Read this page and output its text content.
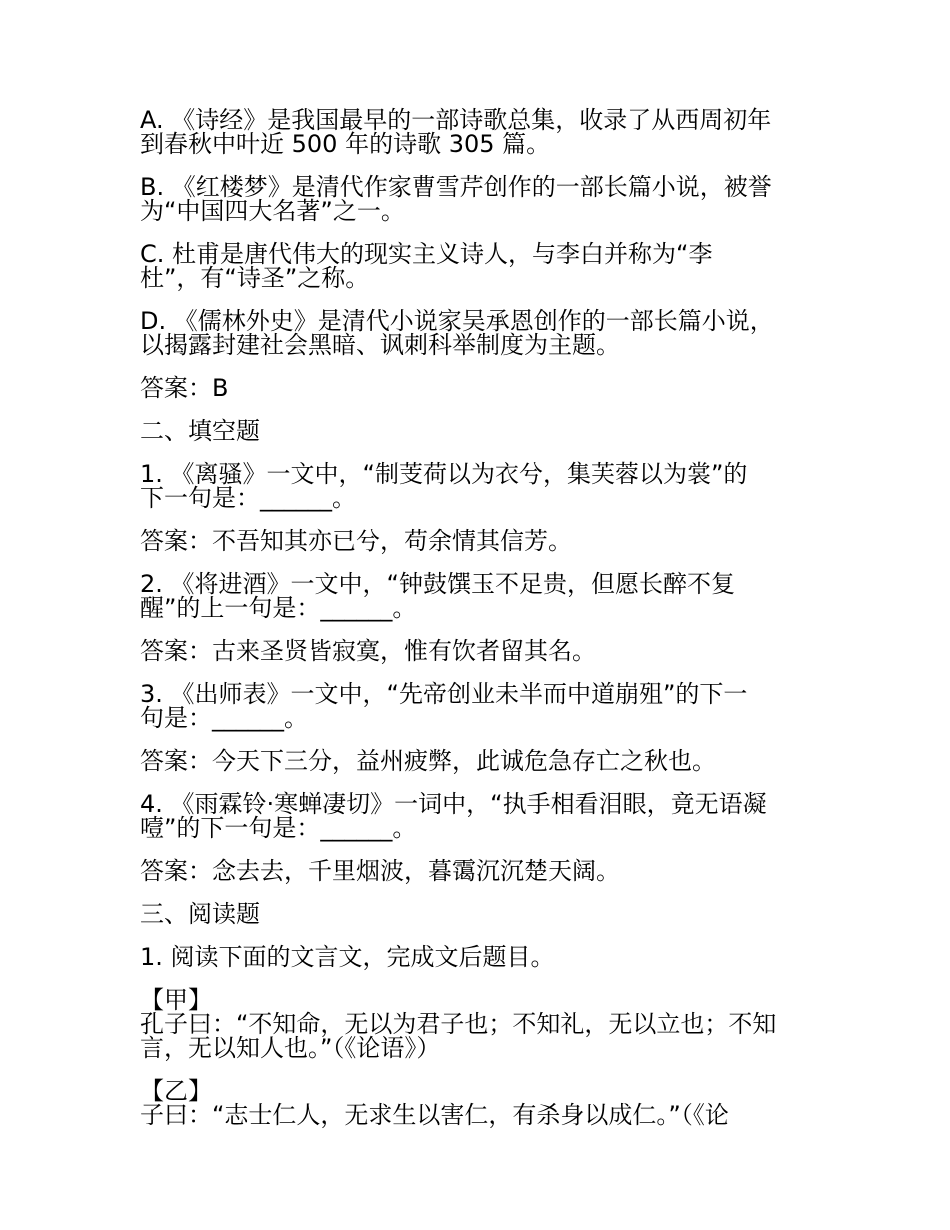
A. 《诗经》是我国最早的一部诗歌总集，收录了从西周初年
到春秋中叶近 500 年的诗歌 305 篇。

B. 《红楼梦》是清代作家曹雪芹创作的一部长篇小说，被誉
为“中国四大名著”之一。

C. 杜甫是唐代伟大的现实主义诗人，与李白并称为“李
杜”，有“诗圣”之称。

D. 《儒林外史》是清代小说家吴承恩创作的一部长篇小说，
以揭露封建社会黑暗、讽刺科举制度为主题。

答案：B

二、填空题

1. 《离骚》一文中，“制芰荷以为衣兮，集芙蓉以为裳”的
下一句是：______。

答案：不吾知其亦已兮，苟余情其信芳。

2. 《将进酒》一文中，“钟鼓馔玉不足贵，但愿长醉不复
醒”的上一句是：______。

答案：古来圣贤皆寂寞，惟有饮者留其名。

3. 《出师表》一文中，“先帝创业未半而中道崩殂”的下一
句是：______。

答案：今天下三分，益州疲弊，此诚危急存亡之秋也。

4. 《雨霖铃·寒蝉凄切》一词中，“执手相看泪眼，竟无语凝
噎”的下一句是：______。

答案：念去去，千里烟波，暮霭沉沉楚天阔。

三、阅读题

1. 阅读下面的文言文，完成文后题目。

【甲】
孔子曰：“不知命，无以为君子也；不知礼，无以立也；不知
言，无以知人也。”（《论语》）

【乙】
子曰：“志士仁人，无求生以害仁，有杀身以成仁。”（《论
